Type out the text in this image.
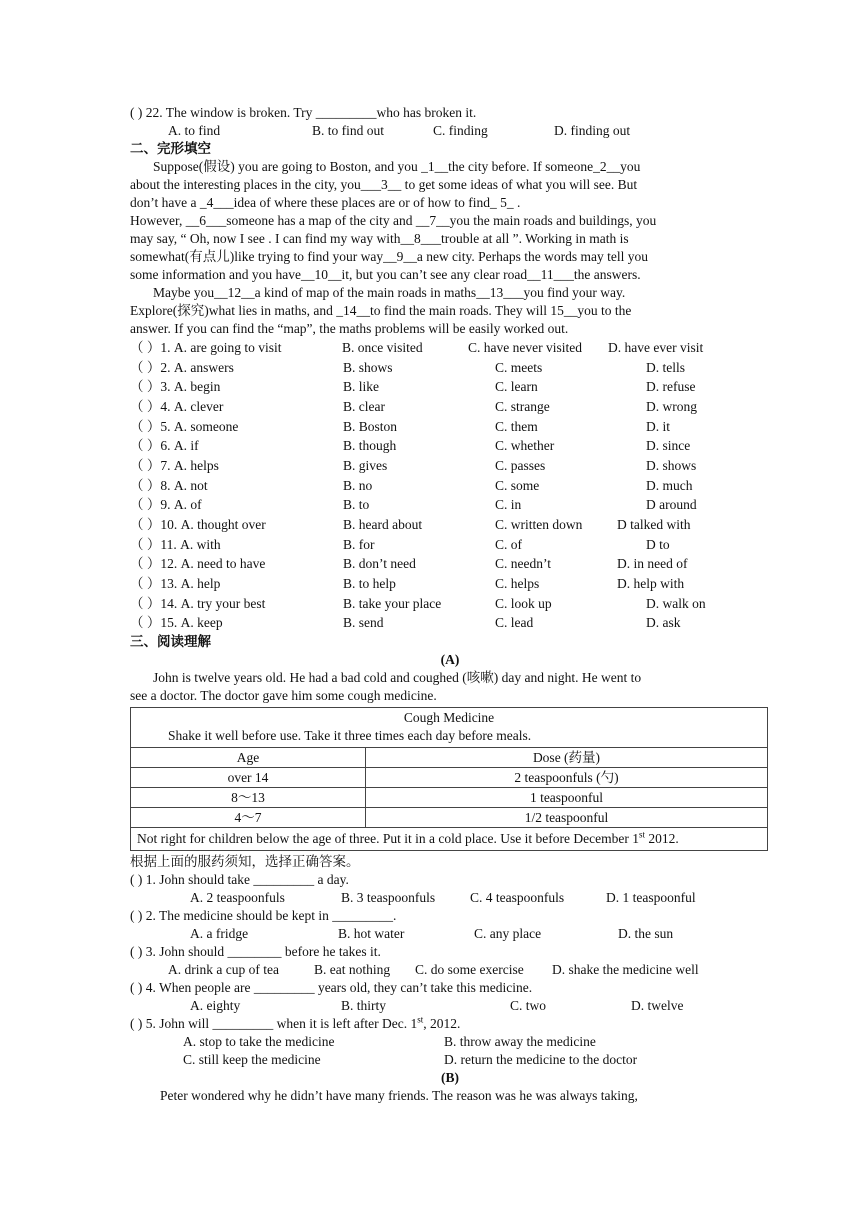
( ) 22. The window is broken. Try _________who has broken it.
A. to find	B. to find out	C. finding	D. finding out
二、完形填空

Suppose(假设) you are going to Boston, and you _1__the city before. If someone_2__you

about the interesting places in the city, you___3__ to get some ideas of what you will see. But

don’t have a _4___idea of where these places are or of how to find_ 5_ .

However, __6___someone has a map of the city and __7__you the main roads and buildings, you

may say, “ Oh, now I see . I can find my way with__8___trouble at all ”. Working in math is

somewhat(有点儿)like trying to find your way__9__a new city. Perhaps the words may tell you

some information and you have__10__it, but you can’t see any clear road__11___the answers.

Maybe you__12__a kind of map of the main roads in maths__13___you find your way.

Explore(探究)what lies in maths, and _14__to find the main roads. They will 15__you to the

answer. If you can find the “map”, the maths problems will be easily worked out.

（ ）1. A. are going to visit	B. once visited	C. have never visited	D. have ever visit
（ ）2. A. answers	B. shows	C. meets	D. tells
（ ）3. A. begin	B. like	C. learn	D. refuse
（ ）4. A. clever	B. clear	C. strange	D. wrong
（ ）5. A. someone	B. Boston	C. them	D. it
（ ）6. A. if	B. though	C. whether	D. since
（ ）7. A. helps	B. gives	C. passes	D. shows
（ ）8. A. not	B. no	C. some	D. much
（ ）9. A. of	B. to	C. in	D around
（ ）10. A. thought over	B. heard about	C. written down	D talked with
（ ）11. A. with	B. for	C. of	D to
（ ）12. A. need to have	B. don’t need	C. needn’t	D. in need of
（ ）13. A. help	B. to help	C. helps	D. help with
（ ）14. A. try your best	B. take your place	C. look up	D. walk on
（ ）15. A. keep	B. send	C. lead	D. ask
三、阅读理解
(A)

John is twelve years old. He had a bad cold and coughed (咳嗽) day and night. He went to

see a doctor. The doctor gave him some cough medicine.

Cough Medicine
Shake it well before use. Take it three times each day before meals.	

Age	Dose (药量)
over 14	2 teaspoonfuls (勺)
8～13	1 teaspoonful
4～7	1/2 teaspoonful
Not right for children below the age of three. Put it in a cold place. Use it before December 1st 2012.	
根据上面的服药须知，选择正确答案。
( ) 1. John should take _________ a day.
A. 2 teaspoonfuls	B. 3 teaspoonfuls	C. 4 teaspoonfuls	D. 1 teaspoonful
( ) 2. The medicine should be kept in _________.
A. a fridge	B. hot water	C. any place	D. the sun
( ) 3. John should ________ before he takes it.
A. drink a cup of tea	B. eat nothing	C. do some exercise	D. shake the medicine well
( ) 4. When people are _________ years old, they can’t take this medicine.
A. eighty	B. thirty	C. two	D. twelve
( ) 5. John will _________ when it is left after Dec. 1st, 2012.
A. stop to take the medicine	B. throw away the medicine
C. still keep the medicine	D. return the medicine to the doctor
(B)
Peter wondered why he didn’t have many friends. The reason was he was always taking,
